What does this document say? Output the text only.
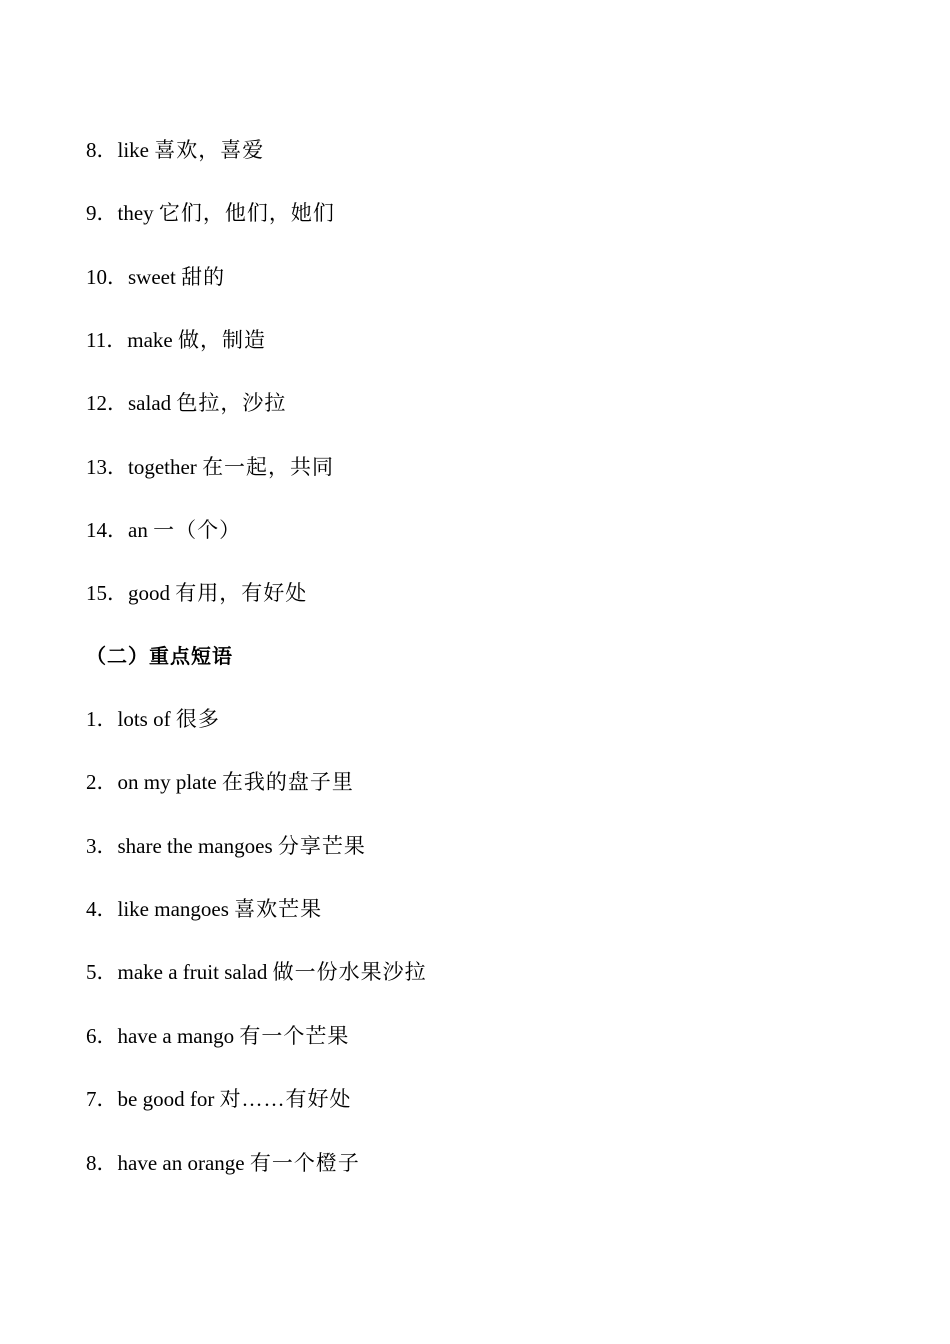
8．like 喜欢，喜爱
9．they 它们，他们，她们
10．sweet 甜的
11．make 做，制造
12．salad 色拉，沙拉
13．together 在一起，共同
14．an 一（个）
15．good 有用，有好处
（二）重点短语
1．lots of 很多
2．on my plate 在我的盘子里
3．share the mangoes 分享芒果
4．like mangoes 喜欢芒果
5．make a fruit salad 做一份水果沙拉
6．have a mango 有一个芒果
7．be good for 对……有好处
8．have an orange 有一个橙子
